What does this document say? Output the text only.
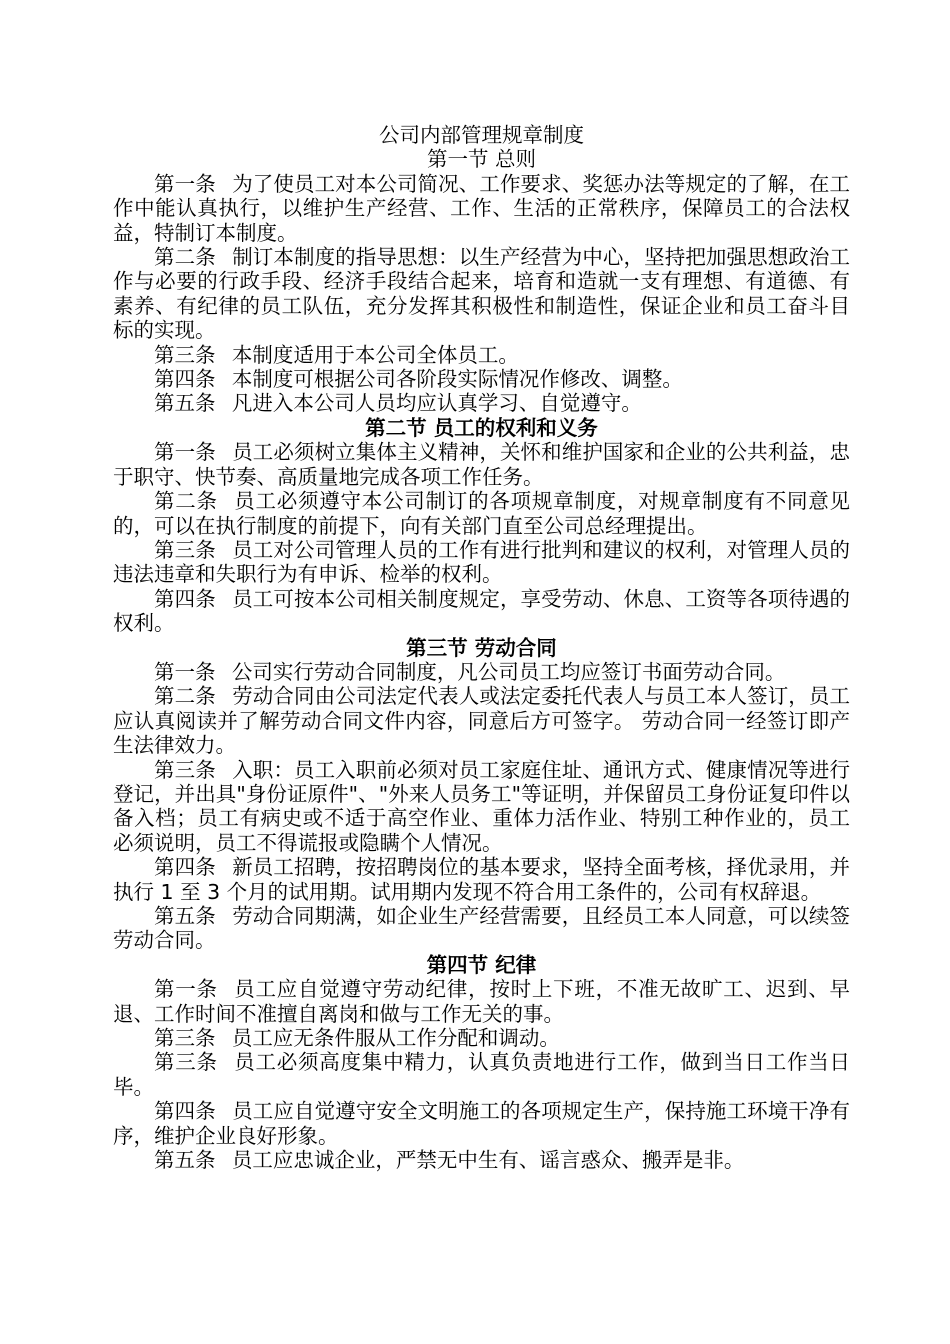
公司内部管理规章制度

第一节 总则

第一条 为了使员工对本公司简况、工作要求、奖惩办法等规定的了解，在工作中能认真执行，以维护生产经营、工作、生活的正常秩序，保障员工的合法权益，特制订本制度。

第二条 制订本制度的指导思想：以生产经营为中心，坚持把加强思想政治工作与必要的行政手段、经济手段结合起来，培育和造就一支有理想、有道德、有素养、有纪律的员工队伍，充分发挥其积极性和制造性，保证企业和员工奋斗目标的实现。

第三条 本制度适用于本公司全体员工。

第四条 本制度可根据公司各阶段实际情况作修改、调整。

第五条 凡进入本公司人员均应认真学习、自觉遵守。

第二节 员工的权利和义务

第一条 员工必须树立集体主义精神，关怀和维护国家和企业的公共利益，忠于职守、快节奏、高质量地完成各项工作任务。

第二条 员工必须遵守本公司制订的各项规章制度，对规章制度有不同意见的，可以在执行制度的前提下，向有关部门直至公司总经理提出。

第三条 员工对公司管理人员的工作有进行批判和建议的权利，对管理人员的违法违章和失职行为有申诉、检举的权利。

第四条 员工可按本公司相关制度规定，享受劳动、休息、工资等各项待遇的权利。

第三节 劳动合同

第一条 公司实行劳动合同制度，凡公司员工均应签订书面劳动合同。

第二条 劳动合同由公司法定代表人或法定委托代表人与员工本人签订，员工应认真阅读并了解劳动合同文件内容，同意后方可签字。 劳动合同一经签订即产生法律效力。

第三条 入职：员工入职前必须对员工家庭住址、通讯方式、健康情况等进行登记，并出具"身份证原件"、"外来人员务工"等证明，并保留员工身份证复印件以备入档；员工有病史或不适于高空作业、重体力活作业、特别工种作业的，员工必须说明，员工不得谎报或隐瞒个人情况。

第四条 新员工招聘，按招聘岗位的基本要求，坚持全面考核，择优录用，并执行 1 至 3 个月的试用期。试用期内发现不符合用工条件的，公司有权辞退。

第五条 劳动合同期满，如企业生产经营需要，且经员工本人同意，可以续签劳动合同。

第四节 纪律

第一条 员工应自觉遵守劳动纪律，按时上下班，不准无故旷工、迟到、早退、工作时间不准擅自离岗和做与工作无关的事。

第三条 员工应无条件服从工作分配和调动。

第三条 员工必须高度集中精力，认真负责地进行工作，做到当日工作当日毕。

第四条 员工应自觉遵守安全文明施工的各项规定生产，保持施工环境干净有序，维护企业良好形象。

第五条 员工应忠诚企业，严禁无中生有、谣言惑众、搬弄是非。
